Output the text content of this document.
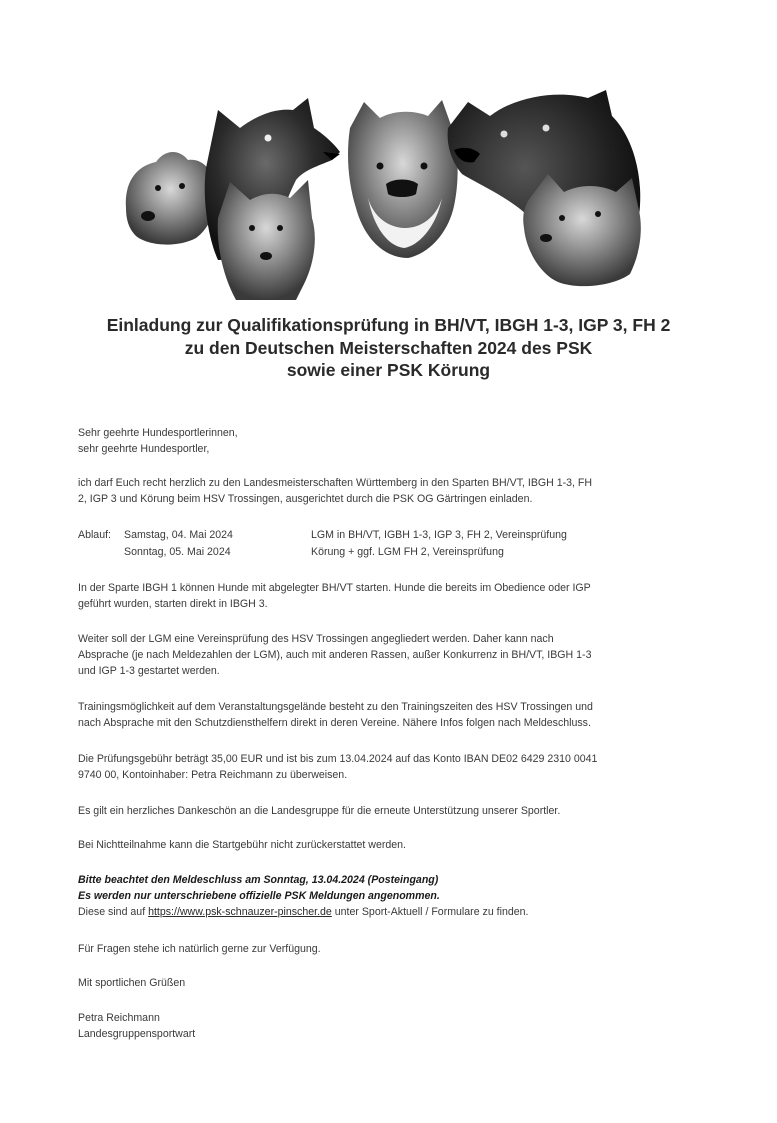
Einladung zur Qualifikationsprüfung in BH/VT, IBGH 1-3, IGP 3, FH 2
zu den Deutschen Meisterschaften 2024 des PSK
sowie einer PSK Körung

Sehr geehrte Hundesportlerinnen,

sehr geehrte Hundesportler,

ich darf Euch recht herzlich zu den Landesmeisterschaften Württemberg in den Sparten BH/VT, IBGH 1-3, FH

2, IGP 3 und Körung beim HSV Trossingen, ausgerichtet durch die PSK OG Gärtringen einladen.

Ablauf: Samstag, 04. Mai 2024	LGM in BH/VT, IGBH 1-3, IGP 3, FH 2, Vereinsprüfung
Sonntag, 05. Mai 2024	Körung + ggf. LGM FH 2, Vereinsprüfung

In der Sparte IBGH 1 können Hunde mit abgelegter BH/VT starten. Hunde die bereits im Obedience oder IGP

geführt wurden, starten direkt in IBGH 3.

Weiter soll der LGM eine Vereinsprüfung des HSV Trossingen angegliedert werden. Daher kann nach

Absprache (je nach Meldezahlen der LGM), auch mit anderen Rassen, außer Konkurrenz in BH/VT, IBGH 1-3

und IGP 1-3 gestartet werden.

Trainingsmöglichkeit auf dem Veranstaltungsgelände besteht zu den Trainingszeiten des HSV Trossingen und

nach Absprache mit den Schutzdiensthelfern direkt in deren Vereine. Nähere Infos folgen nach Meldeschluss.

Die Prüfungsgebühr beträgt 35,00 EUR und ist bis zum 13.04.2024 auf das Konto IBAN DE02 6429 2310 0041

9740 00, Kontoinhaber: Petra Reichmann zu überweisen.

Es gilt ein herzliches Dankeschön an die Landesgruppe für die erneute Unterstützung unserer Sportler.

Bei Nichtteilnahme kann die Startgebühr nicht zurückerstattet werden.

Bitte beachtet den Meldeschluss am Sonntag, 13.04.2024 (Posteingang)

Es werden nur unterschriebene offizielle PSK Meldungen angenommen.

Diese sind auf https://www.psk-schnauzer-pinscher.de unter Sport-Aktuell / Formulare zu finden.

Für Fragen stehe ich natürlich gerne zur Verfügung.

Mit sportlichen Grüßen

Petra Reichmann

Landesgruppensportwart
